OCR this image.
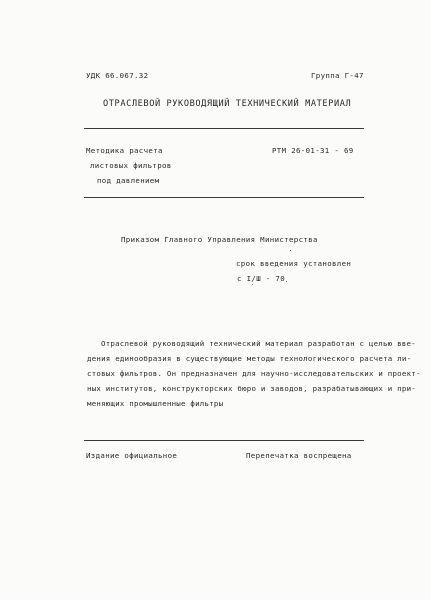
УДК 66.067.32	Группа Г-47
ОТРАСЛЕВОЙ РУКОВОДЯЩИЙ ТЕХНИЧЕСКИЙ МАТЕРИАЛ
Методика расчета
листовых фильтров
под давлением
РТМ 26-01-31 - 69
Приказом Главного Управления Министерства
срок введения установлен
с I/Ш - 70
Отраслевой руководящий технический материал разработан с целью вве-
дения единообразия в существующие методы технологического расчета ли-
стовых фильтров. Он предназначен для научно-исследовательских и проект-
ных институтов, конструкторских бюро и заводов, разрабатывающих и при-
меняющих промышленные фильтры
Издание официальное	Перепечатка воспрещена
